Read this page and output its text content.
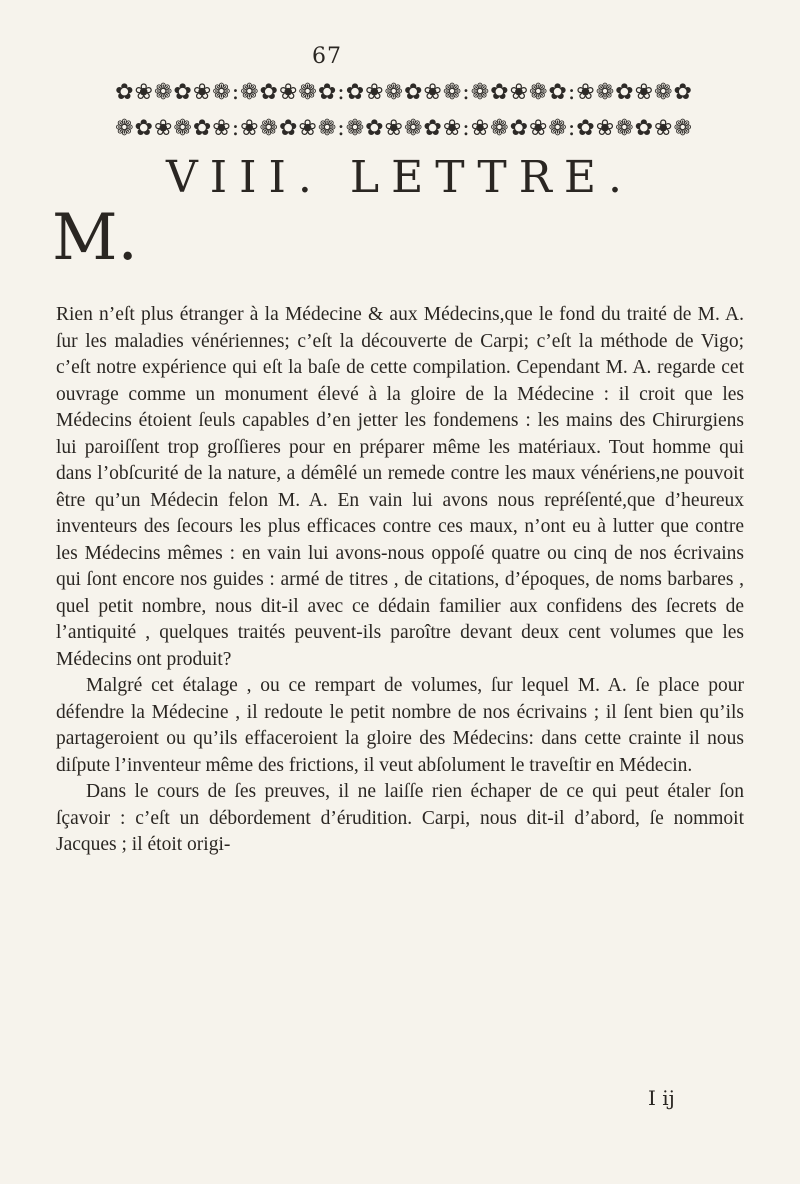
67
✿❀❁✿❀❁:❁✿❀❁✿:✿❀❁✿❀❁:❁✿❀❁✿:❀❁✿❀❁✿
❁✿❀❁✿❀:❀❁✿❀❁:❁✿❀❁✿❀:❀❁✿❀❁:✿❀❁✿❀❁
VIII. LETTRE.
M.

Rien n’eſt plus étranger à la Médecine & aux Médecins,que le fond du traité de M. A. ſur les maladies vénériennes; c’eſt la découverte de Carpi; c’eſt la méthode de Vigo; c’eſt notre expérience qui eſt la baſe de cette compilation. Cependant M. A. regarde cet ouvrage comme un monument élevé à la gloire de la Médecine : il croit que les Médecins étoient ſeuls capables d’en jetter les fondemens : les mains des Chirurgiens lui paroiſſent trop groſſieres pour en préparer même les matériaux. Tout homme qui dans l’obſcurité de la nature, a démêlé un remede contre les maux vénériens,ne pouvoit être qu’un Médecin felon M. A. En vain lui avons nous repréſenté,que d’heureux inventeurs des ſecours les plus efficaces contre ces maux, n’ont eu à lutter que contre les Médecins mêmes : en vain lui avons-nous oppoſé quatre ou cinq de nos écrivains qui ſont encore nos guides : armé de titres , de citations, d’époques, de noms barbares , quel petit nombre, nous dit-il avec ce dédain familier aux confidens des ſecrets de l’antiquité , quelques traités peuvent-ils paroître devant deux cent volumes que les Médecins ont produit?

Malgré cet étalage , ou ce rempart de volumes, ſur lequel M. A. ſe place pour défendre la Médecine , il redoute le petit nombre de nos écrivains ; il ſent bien qu’ils partageroient ou qu’ils effaceroient la gloire des Médecins: dans cette crainte il nous diſpute l’inventeur même des frictions, il veut abſolument le traveſtir en Médecin.

Dans le cours de ſes preuves, il ne laiſſe rien échaper de ce qui peut étaler ſon ſçavoir : c’eſt un débordement d’érudition. Carpi, nous dit-il d’abord, ſe nommoit Jacques ; il étoit origi-

I ij
